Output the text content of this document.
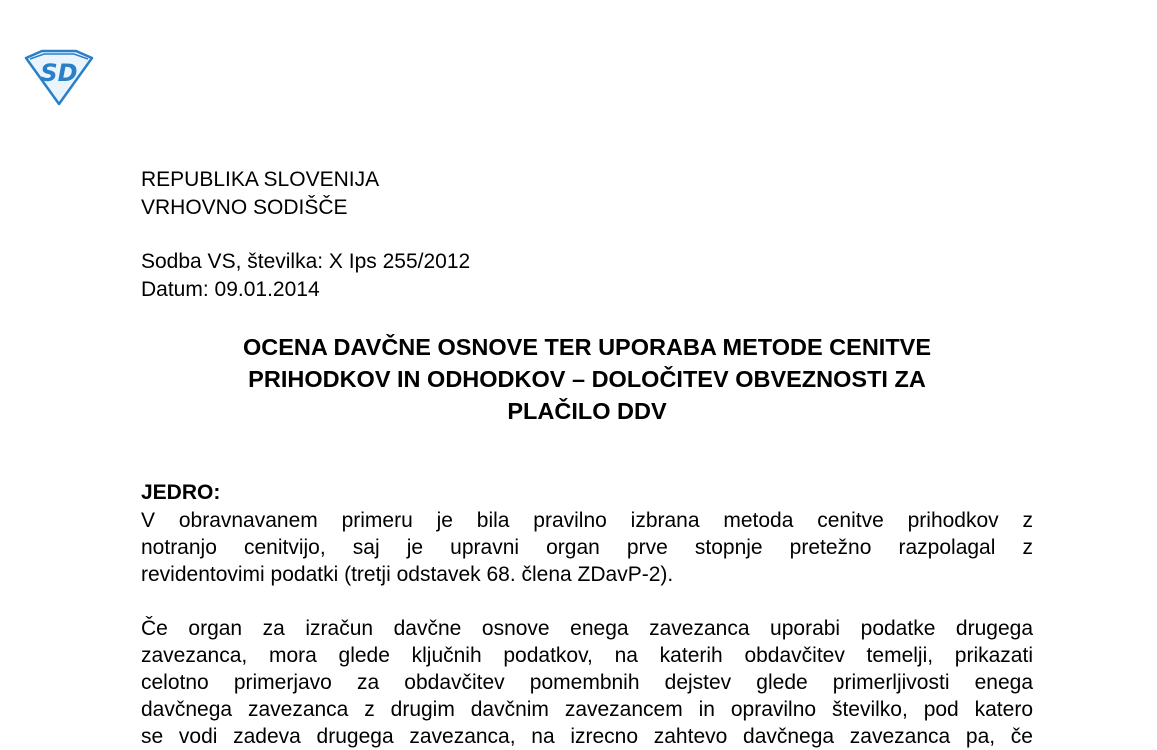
SD
REPUBLIKA SLOVENIJA
VRHOVNO SODIŠČE
Sodba VS, številka: X Ips 255/2012
Datum: 09.01.2014
OCENA DAVČNE OSNOVE TER UPORABA METODE CENITVE
PRIHODKOV IN ODHODKOV – DOLOČITEV OBVEZNOSTI ZA
PLAČILO DDV
JEDRO:
V obravnavanem primeru je bila pravilno izbrana metoda cenitve prihodkov z
notranjo cenitvijo, saj je upravni organ prve stopnje pretežno razpolagal z
revidentovimi podatki (tretji odstavek 68. člena ZDavP-2).
Če organ za izračun davčne osnove enega zavezanca uporabi podatke drugega
zavezanca, mora glede ključnih podatkov, na katerih obdavčitev temelji, prikazati
celotno primerjavo za obdavčitev pomembnih dejstev glede primerljivosti enega
davčnega zavezanca z drugim davčnim zavezancem in opravilno številko, pod katero
se vodi zadeva drugega zavezanca, na izrecno zahtevo davčnega zavezanca pa, če
